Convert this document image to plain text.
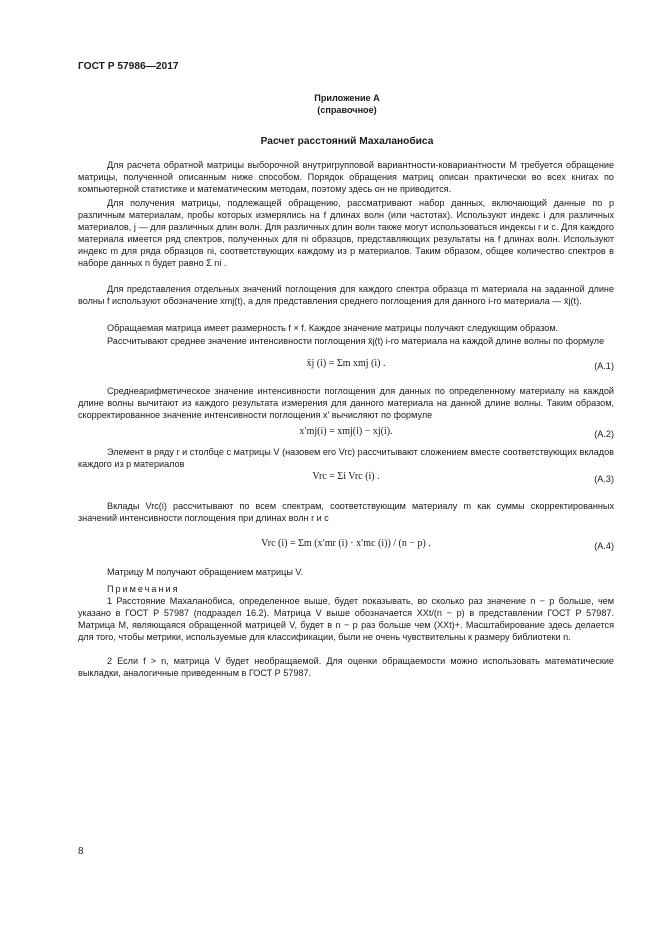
ГОСТ Р 57986—2017
Приложение А
(справочное)
Расчет расстояний Махаланобиса
Для расчета обратной матрицы выборочной внутригрупповой вариантности-ковариантности М требуется обращение матрицы, полученной описанным ниже способом. Порядок обращения матриц описан практически во всех книгах по компьютерной статистике и математическим методам, поэтому здесь он не приводится.
Для получения матрицы, подлежащей обращению, рассматривают набор данных, включающий данные по p различным материалам, пробы которых измерялись на f длинах волн (или частотах). Используют индекс i для различных материалов, j — для различных длин волн. Для различных длин волн также могут использоваться индексы r и c. Для каждого материала имеется ряд спектров, полученных для ni образцов, представляющих результаты на f длинах волн. Используют индекс m для ряда образцов ni, соответствующих каждому из p материалов. Таким образом, общее количество спектров в наборе данных n будет равно Σ ni .
Для представления отдельных значений поглощения для каждого спектра образца m материала на заданной длине волны f используют обозначение xmj(t), а для представления среднего поглощения для данного i-го материала — x̄j(t).
Обращаемая матрица имеет размерность f × f. Каждое значение матрицы получают следующим образом.
Рассчитывают среднее значение интенсивности поглощения x̄j(t) i-го материала на каждой длине волны по формуле
x̄j (i) = Σm xmj (i) .	(А.1)
Среднеарифметическое значение интенсивности поглощения для данных по определенному материалу на каждой длине волны вычитают из каждого результата измерения для данного материала на данной длине волны. Таким образом, скорректированное значение интенсивности поглощения x′ вычисляют по формуле
x′mj(i) = xmj(i) − xj(i).	(А.2)
Элемент в ряду r и столбце c матрицы V (назовем его Vrc) рассчитывают сложением вместе соответствующих вкладов каждого из p материалов
Vrc = Σi Vrc (i) .	(А.3)
Вклады Vrc(i) рассчитывают по всем спектрам, соответствующим материалу m как суммы скорректированных значений интенсивности поглощения при длинах волн r и c
Vrc (i) = Σm (x′mr (i) · x′mc (i)) / (n − p) .	(А.4)
Матрицу М получают обращением матрицы V.
Примечания
1 Расстояние Махаланобиса, определенное выше, будет показывать, во сколько раз значение n − p больше, чем указано в ГОСТ Р 57987 (подраздел 16.2). Матрица V выше обозначается XXt/(n − p) в представлении ГОСТ Р 57987. Матрица М, являющаяся обращенной матрицей V, будет в n − p раз больше чем (XXt)+. Масштабирование здесь делается для того, чтобы метрики, используемые для классификации, были не очень чувствительны к размеру библиотеки n.
2 Если f > n, матрица V будет необращаемой. Для оценки обращаемости можно использовать математические выкладки, аналогичные приведенным в ГОСТ Р 57987.
8
